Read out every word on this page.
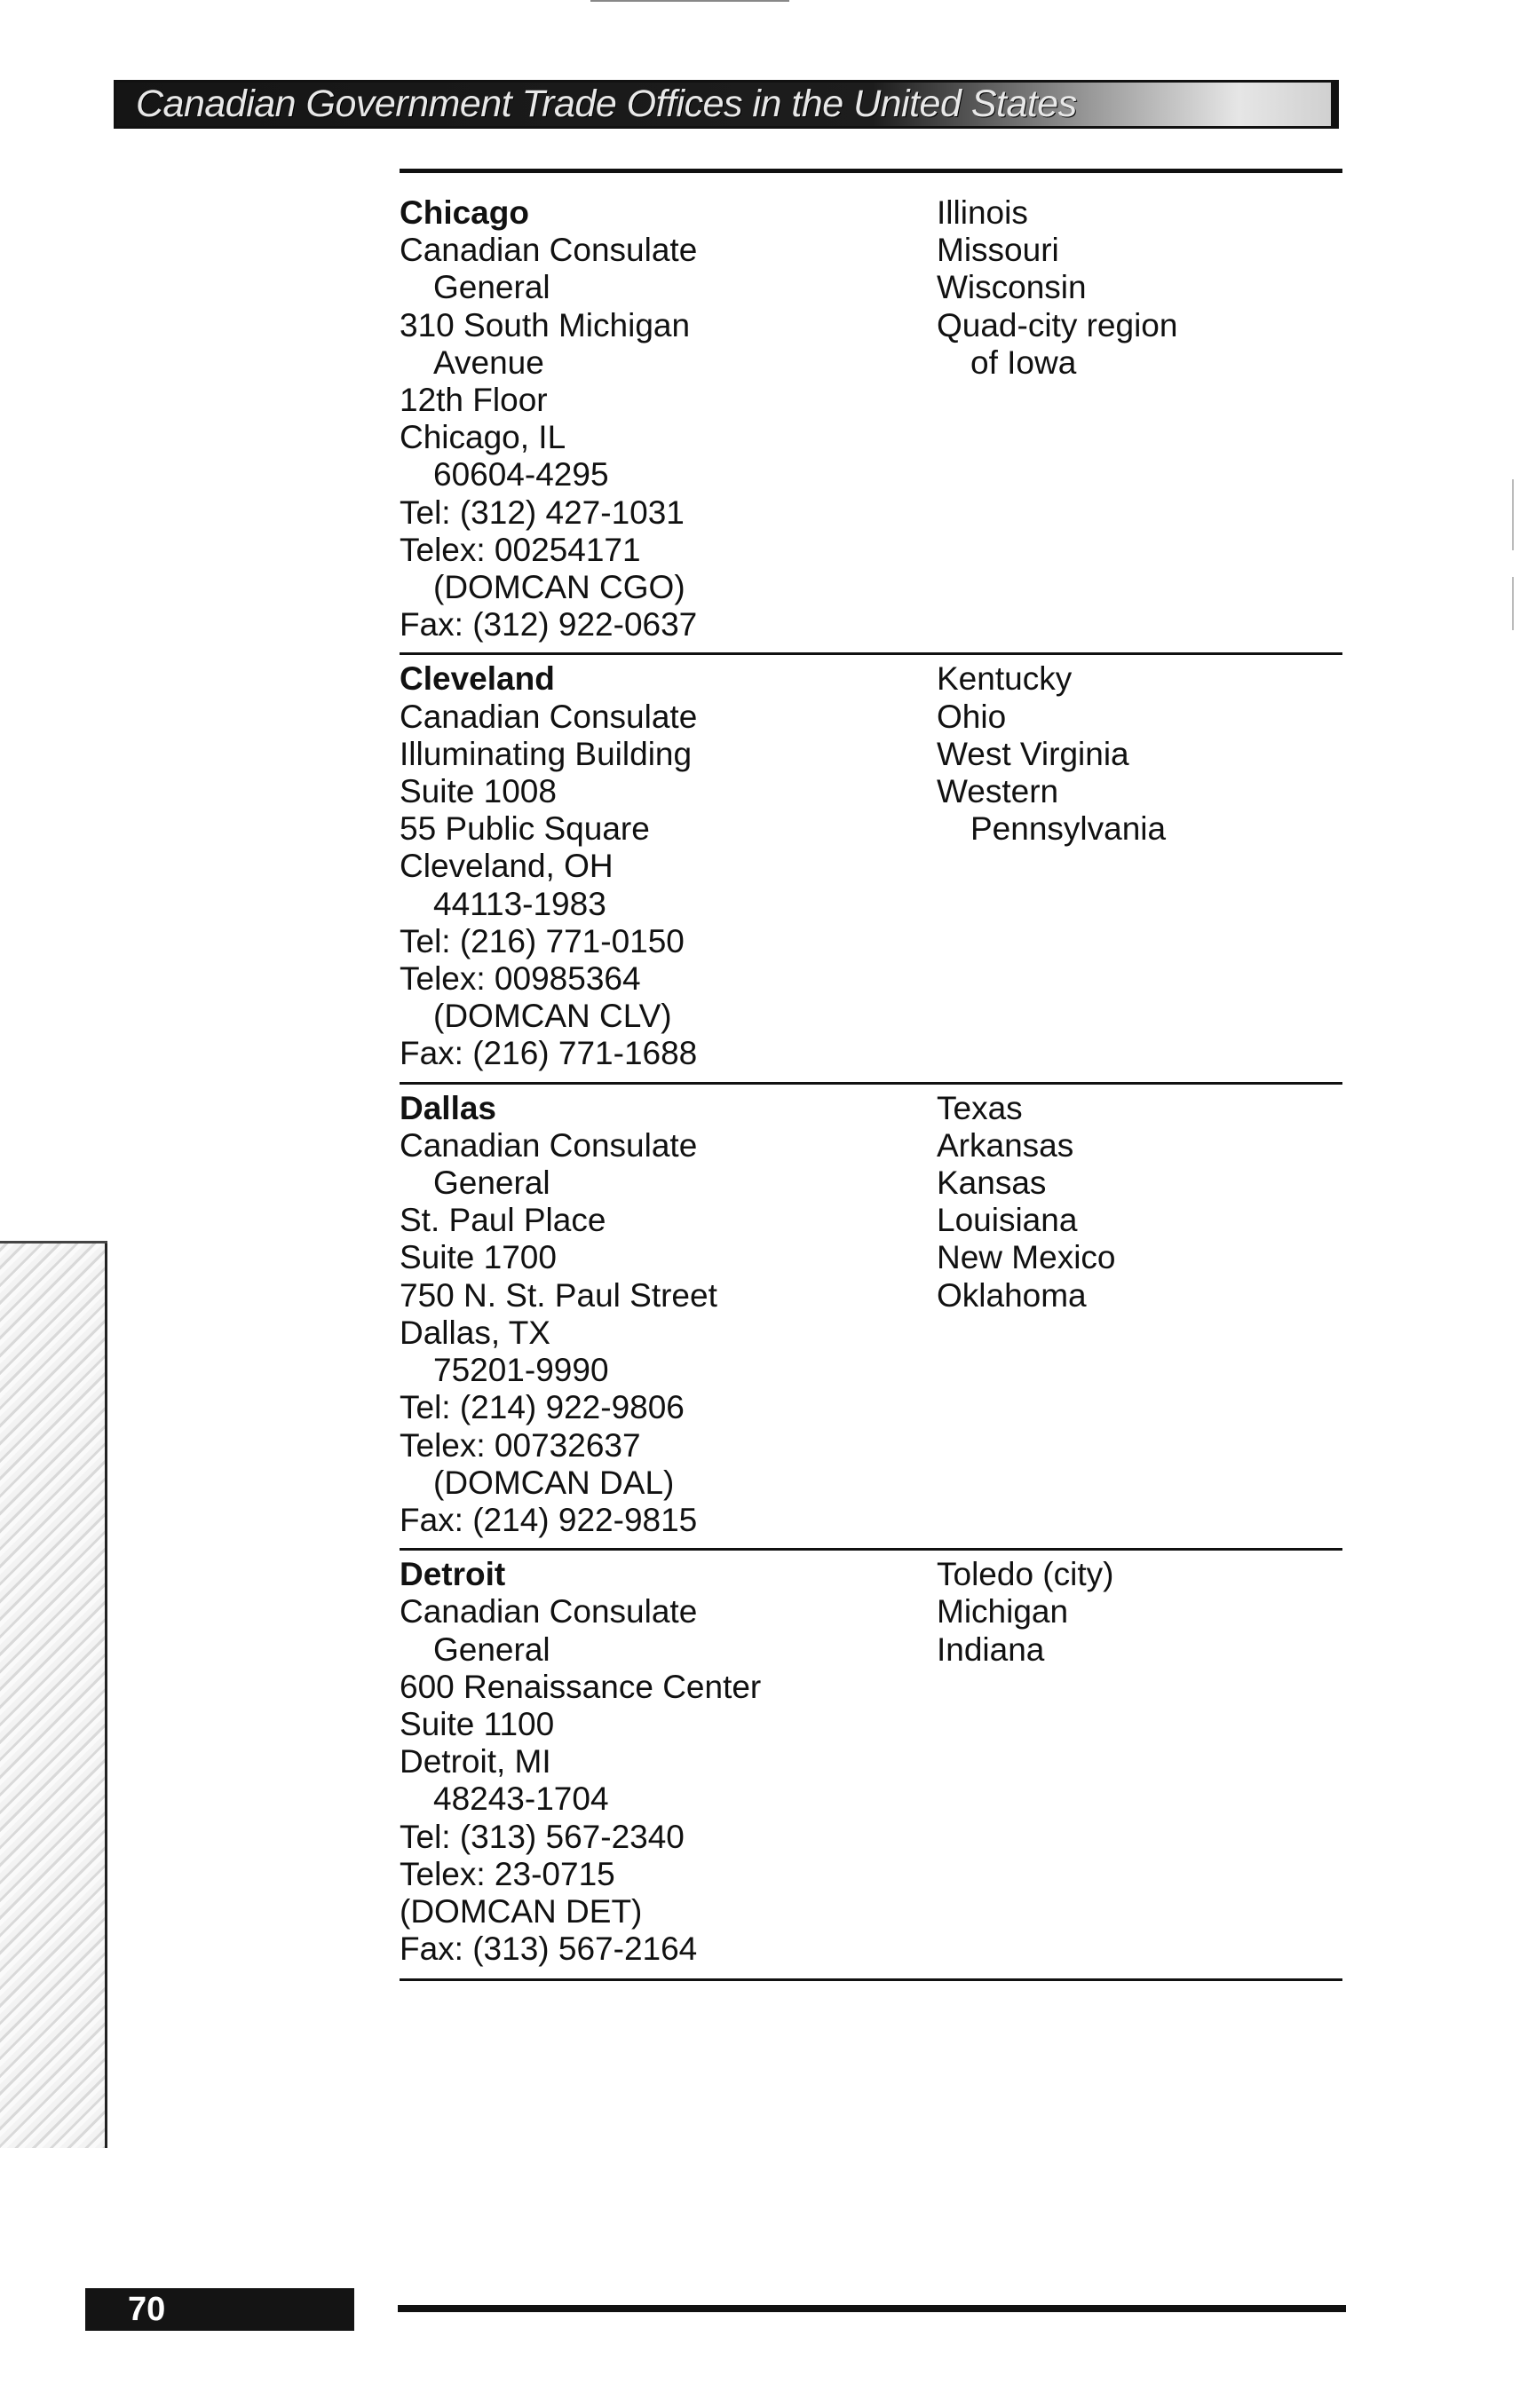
Canadian Government Trade Offices in the United States
Chicago
Canadian Consulate
General
310 South Michigan
Avenue
12th Floor
Chicago, IL
60604-4295
Tel: (312) 427-1031
Telex: 00254171
(DOMCAN CGO)
Fax: (312) 922-0637
Illinois
Missouri
Wisconsin
Quad-city region
of Iowa
Cleveland
Canadian Consulate
Illuminating Building
Suite 1008
55 Public Square
Cleveland, OH
44113-1983
Tel: (216) 771-0150
Telex: 00985364
(DOMCAN CLV)
Fax: (216) 771-1688
Kentucky
Ohio
West Virginia
Western
Pennsylvania
Dallas
Canadian Consulate
General
St. Paul Place
Suite 1700
750 N. St. Paul Street
Dallas, TX
75201-9990
Tel: (214) 922-9806
Telex: 00732637
(DOMCAN DAL)
Fax: (214) 922-9815
Texas
Arkansas
Kansas
Louisiana
New Mexico
Oklahoma
Detroit
Canadian Consulate
General
600 Renaissance Center
Suite 1100
Detroit, MI
48243-1704
Tel: (313) 567-2340
Telex: 23-0715
(DOMCAN DET)
Fax: (313) 567-2164
Toledo (city)
Michigan
Indiana
70
